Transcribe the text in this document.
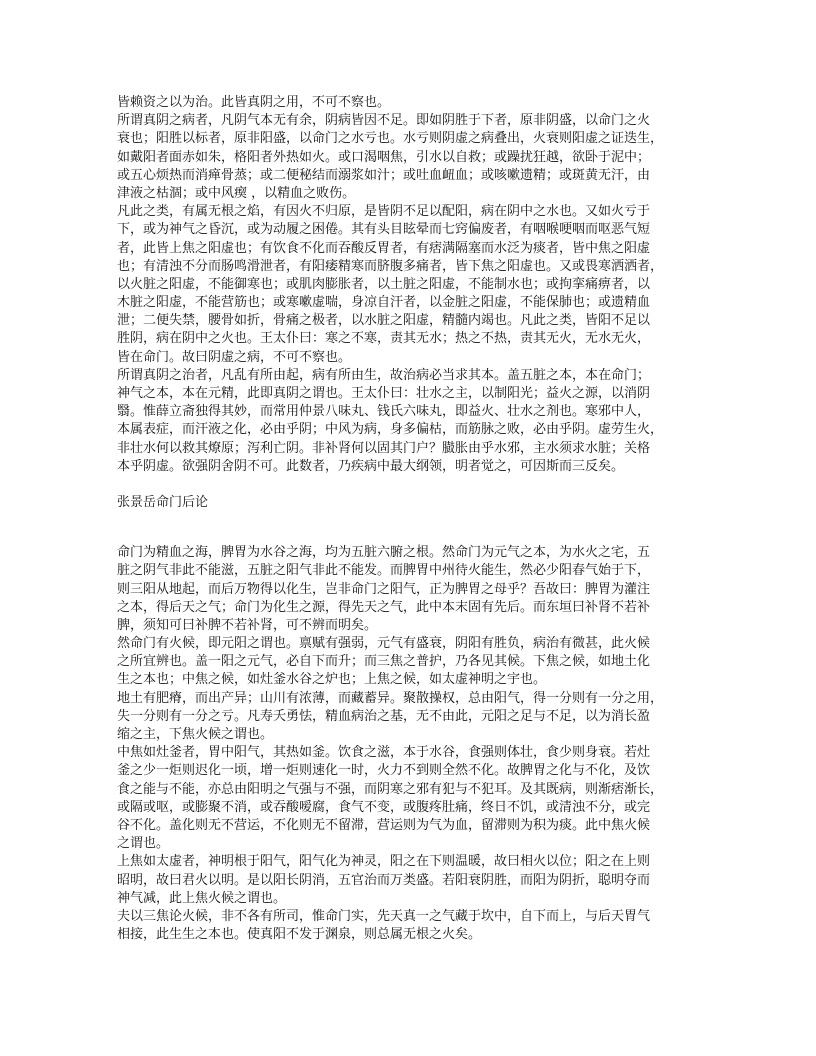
皆赖资之以为治。此皆真阴之用，不可不察也。
所谓真阴之病者，凡阴气本无有余，阴病皆因不足。即如阴胜于下者，原非阴盛，以命门之火
衰也；阳胜以标者，原非阳盛，以命门之水亏也。水亏则阴虚之病叠出，火衰则阳虚之证迭生，
如戴阳者面赤如朱，格阳者外热如火。或口渴咽焦，引水以自救；或躁扰狂越，欲卧于泥中；
或五心烦热而消瘅骨蒸；或二便秘结而溺浆如汁；或吐血衄血；或咳嗽遗精；或斑黄无汗，由
津液之枯涸；或中风瘈 ，以精血之败伤。
凡此之类，有属无根之焰，有因火不归原，是皆阴不足以配阳，病在阴中之水也。又如火亏于
下，或为神气之昏沉，或为动履之困倦。其有头目眩晕而七窍偏废者，有咽喉哽咽而呕恶气短
者，此皆上焦之阳虚也；有饮食不化而吞酸反胃者，有痞满隔塞而水泛为痰者，皆中焦之阳虚
也；有清浊不分而肠鸣滑泄者，有阳痿精寒而脐腹多痛者，皆下焦之阳虚也。又或畏寒洒洒者，
以火脏之阳虚，不能御寒也；或肌肉膨胀者，以土脏之阳虚，不能制水也；或拘挛痛痹者，以
木脏之阳虚，不能营筋也；或寒嗽虚喘，身凉自汗者，以金脏之阳虚，不能保肺也；或遗精血
泄；二便失禁，腰骨如折，骨痛之极者，以水脏之阳虚，精髓内竭也。凡此之类，皆阳不足以
胜阴，病在阴中之火也。王太仆曰：寒之不寒，责其无水；热之不热，责其无火，无水无火，
皆在命门。故曰阴虚之病，不可不察也。
所谓真阴之治者，凡乱有所由起，病有所由生，故治病必当求其本。盖五脏之本，本在命门；
神气之本，本在元精，此即真阴之谓也。王太仆曰：壮水之主，以制阳光；益火之源，以消阴
翳。惟薛立斋独得其妙，而常用仲景八味丸、钱氏六味丸，即益火、壮水之剂也。寒邪中人，
本属表症，而汗液之化，必由乎阴；中风为病，身多偏枯，而筋脉之败，必由乎阴。虚劳生火，
非壮水何以救其燎原；泻利亡阴。非补肾何以固其门户？臌胀由乎水邪，主水须求水脏；关格
本乎阴虚。欲强阴舍阴不可。此数者，乃疾病中最大纲领，明者觉之，可因斯而三反矣。
张景岳命门后论
命门为精血之海，脾胃为水谷之海，均为五脏六腑之根。然命门为元气之本，为水火之宅，五
脏之阴气非此不能滋，五脏之阳气非此不能发。而脾胃中州待火能生，然必少阳春气始于下，
则三阳从地起，而后万物得以化生，岂非命门之阳气，正为脾胃之母乎？吾故曰：脾胃为灌注
之本，得后天之气；命门为化生之源，得先天之气，此中本末固有先后。而东垣曰补肾不若补
脾，须知可曰补脾不若补肾，可不辨而明矣。
然命门有火候，即元阳之谓也。禀赋有强弱，元气有盛衰，阴阳有胜负，病治有微甚，此火候
之所宜辨也。盖一阳之元气，必自下而升；而三焦之普护，乃各见其候。下焦之候，如地土化
生之本也；中焦之候，如灶釜水谷之炉也；上焦之候，如太虚神明之宇也。
地土有肥瘠，而出产异；山川有浓薄，而藏蓄异。聚散操权，总由阳气，得一分则有一分之用，
失一分则有一分之亏。凡寿夭勇怯，精血病治之基，无不由此，元阳之足与不足，以为消长盈
缩之主，下焦火候之谓也。
中焦如灶釜者，胃中阳气，其热如釜。饮食之滋，本于水谷，食强则体壮，食少则身衰。若灶
釜之少一炬则迟化一顷，增一炬则速化一时，火力不到则全然不化。故脾胃之化与不化，及饮
食之能与不能，亦总由阳明之气强与不强，而阴寒之邪有犯与不犯耳。及其既病，则渐痞渐长，
或隔或呕，或膨聚不消，或吞酸嗳腐，食气不变，或腹疼肚痛，终日不饥，或清浊不分，或完
谷不化。盖化则无不营运，不化则无不留滞，营运则为气为血，留滞则为积为痰。此中焦火候
之谓也。
上焦如太虚者，神明根于阳气，阳气化为神灵，阳之在下则温暖，故曰相火以位；阳之在上则
昭明，故曰君火以明。是以阳长阴消，五官治而万类盛。若阳衰阴胜，而阳为阴折，聪明夺而
神气减，此上焦火候之谓也。
夫以三焦论火候，非不各有所司，惟命门实，先天真一之气藏于坎中，自下而上，与后天胃气
相接，此生生之本也。使真阳不发于渊泉，则总属无根之火矣。
